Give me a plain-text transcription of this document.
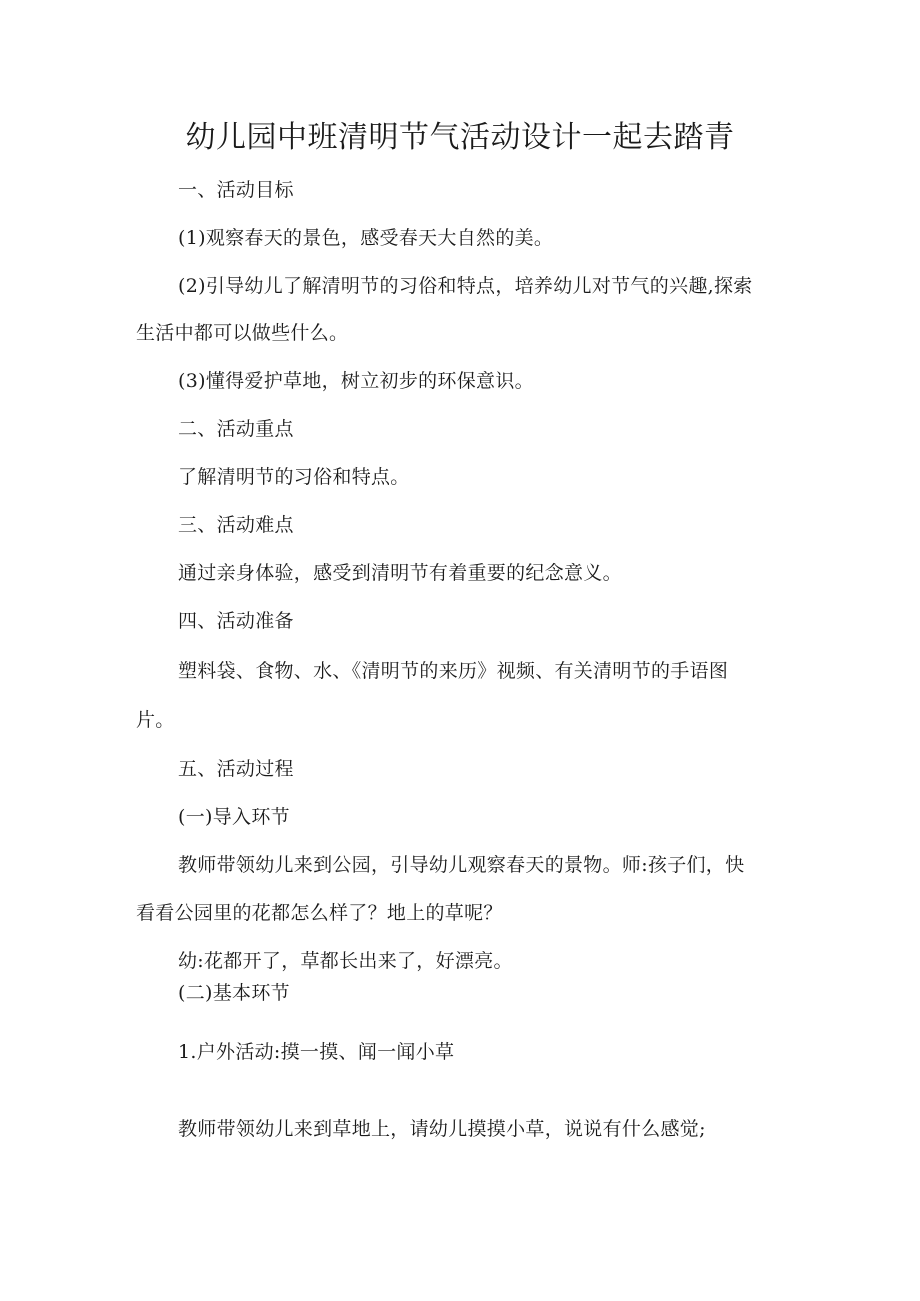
幼儿园中班清明节气活动设计一起去踏青
一、活动目标
(1)观察春天的景色，感受春天大自然的美。
(2)引导幼儿了解清明节的习俗和特点，培养幼儿对节气的兴趣,探索
生活中都可以做些什么。
(3)懂得爱护草地，树立初步的环保意识。
二、活动重点
了解清明节的习俗和特点。
三、活动难点
通过亲身体验，感受到清明节有着重要的纪念意义。
四、活动准备
塑料袋、食物、水、《清明节的来历》视频、有关清明节的手语图
片。
五、活动过程
(一)导入环节
教师带领幼儿来到公园，引导幼儿观察春天的景物。师:孩子们，快
看看公园里的花都怎么样了？地上的草呢？
幼:花都开了，草都长出来了，好漂亮。
(二)基本环节
1.户外活动:摸一摸、闻一闻小草
教师带领幼儿来到草地上，请幼儿摸摸小草，说说有什么感觉;
